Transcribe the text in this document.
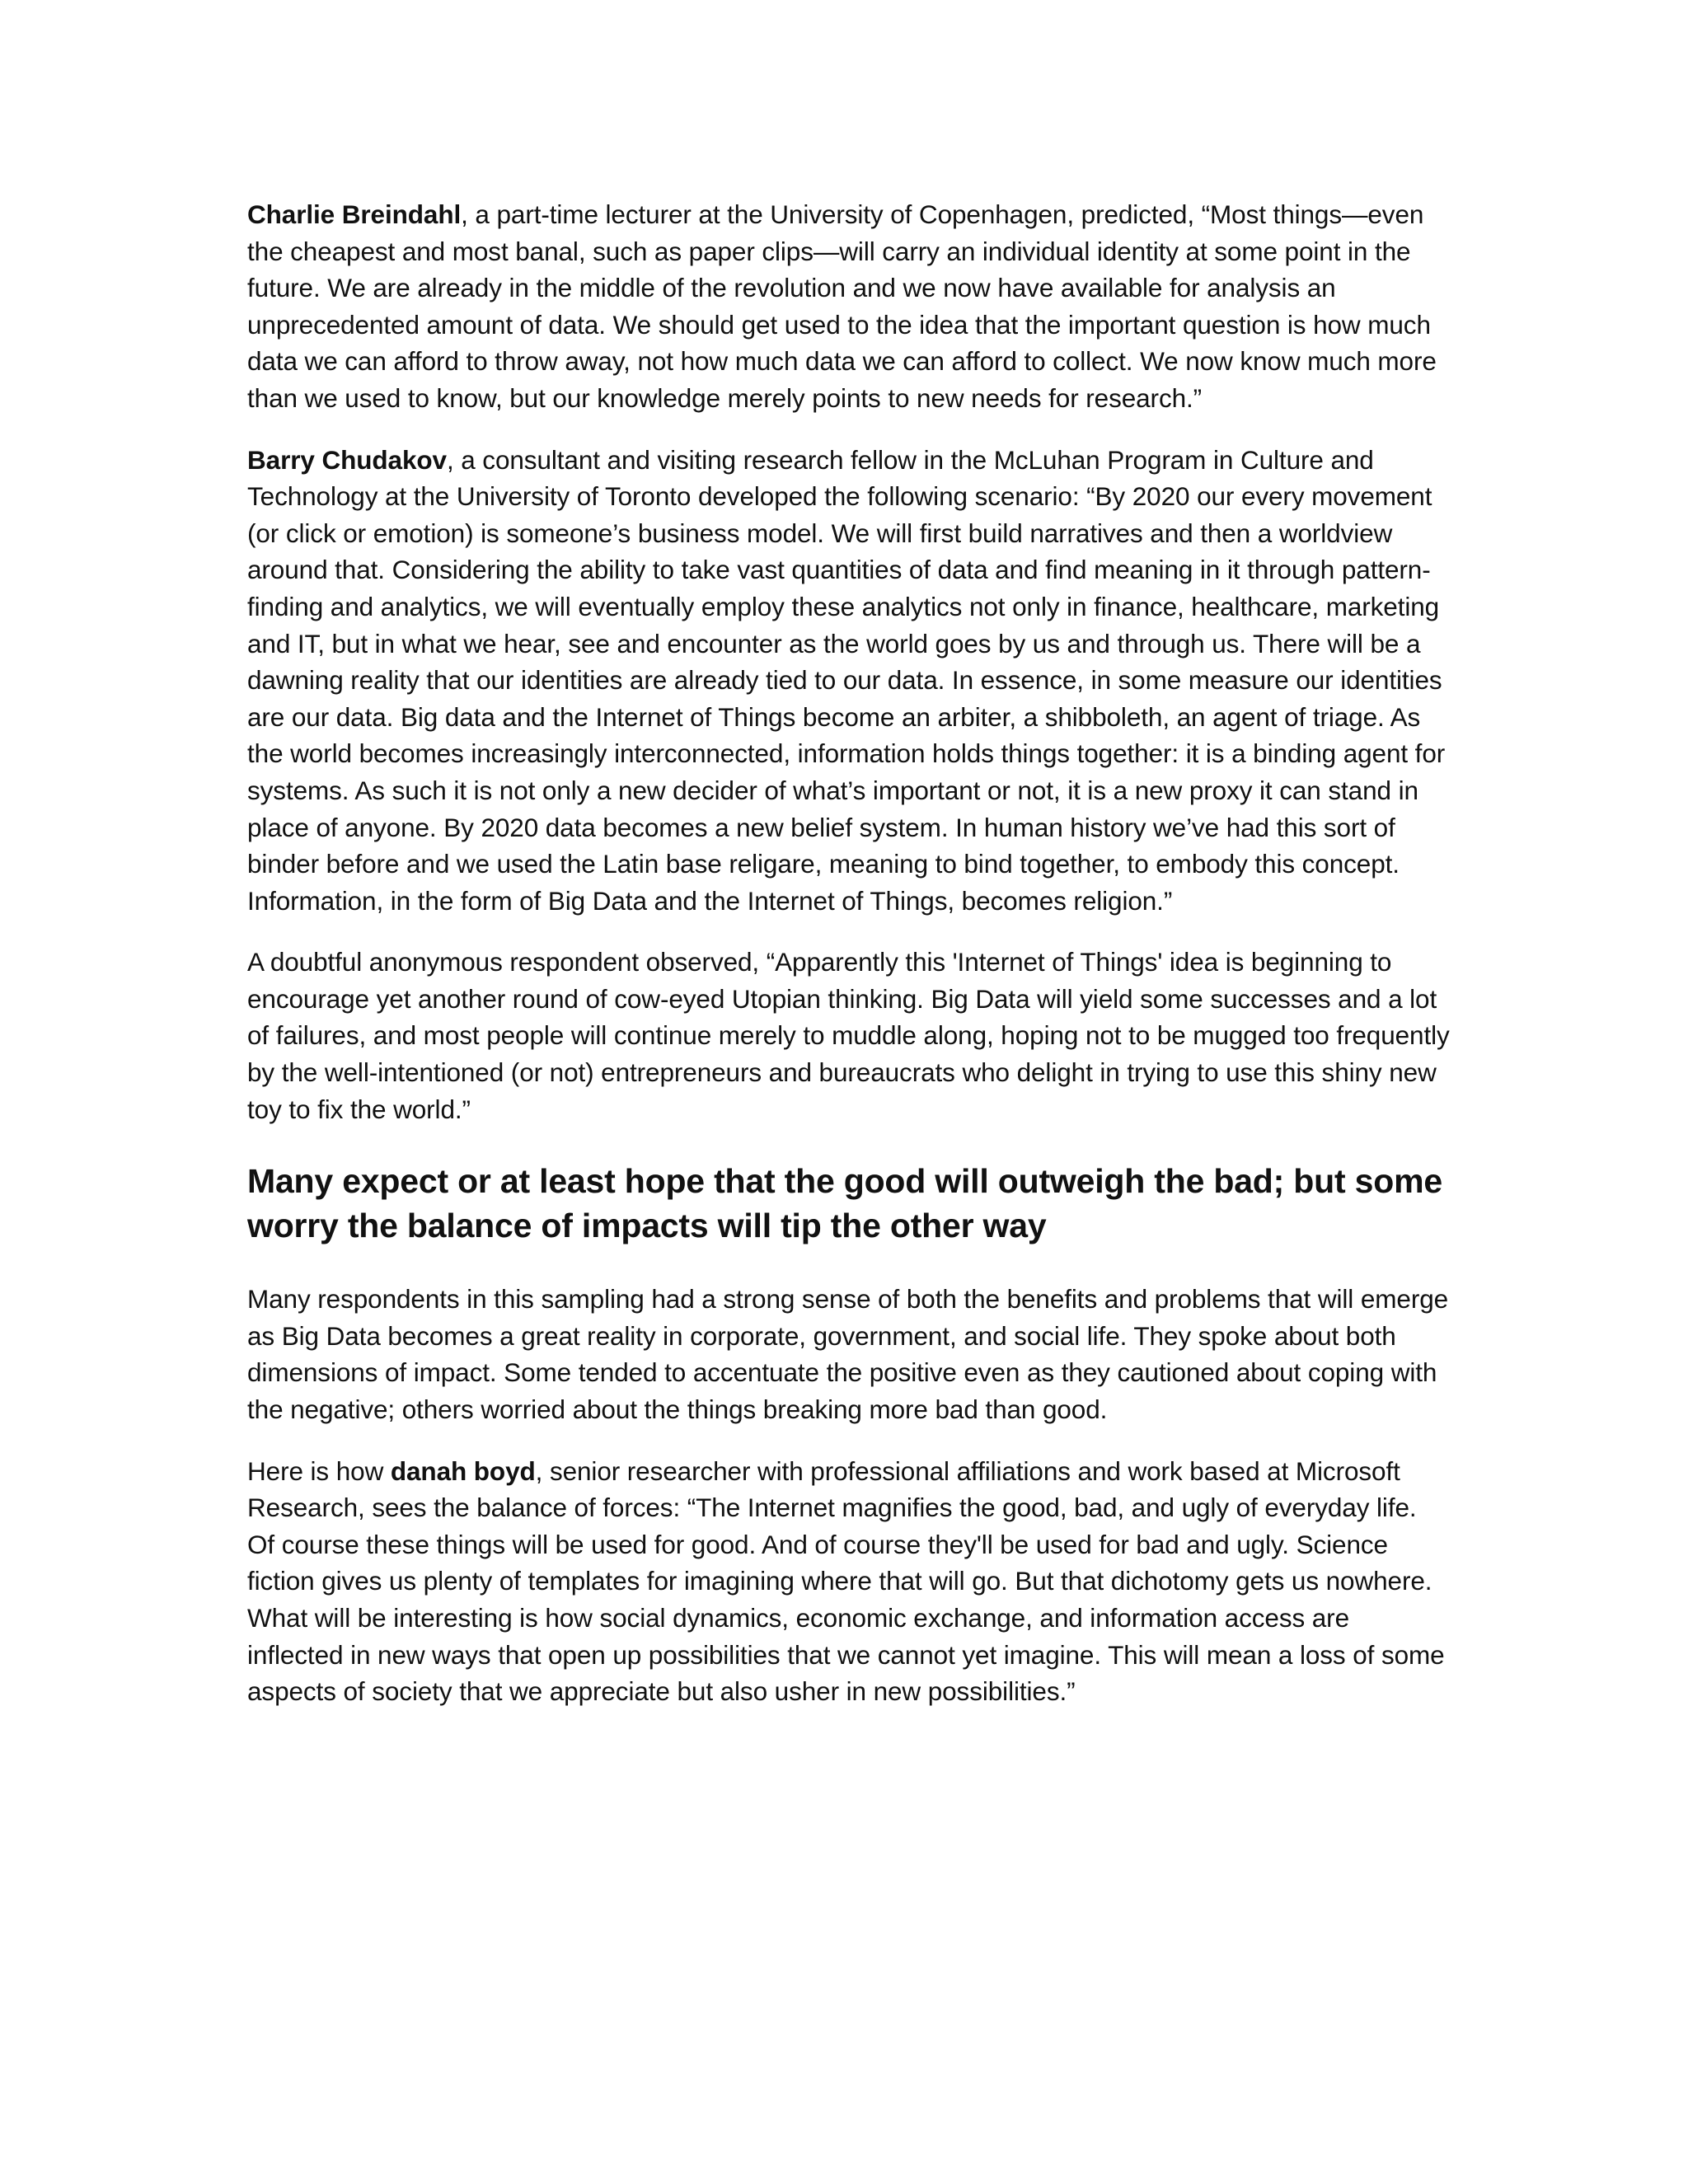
Charlie Breindahl, a part-time lecturer at the University of Copenhagen, predicted, “Most things—even the cheapest and most banal, such as paper clips—will carry an individual identity at some point in the future. We are already in the middle of the revolution and we now have available for analysis an unprecedented amount of data. We should get used to the idea that the important question is how much data we can afford to throw away, not how much data we can afford to collect. We now know much more than we used to know, but our knowledge merely points to new needs for research.”

Barry Chudakov, a consultant and visiting research fellow in the McLuhan Program in Culture and Technology at the University of Toronto developed the following scenario: “By 2020 our every movement (or click or emotion) is someone’s business model. We will first build narratives and then a worldview around that. Considering the ability to take vast quantities of data and find meaning in it through pattern-finding and analytics, we will eventually employ these analytics not only in finance, healthcare, marketing and IT, but in what we hear, see and encounter as the world goes by us and through us. There will be a dawning reality that our identities are already tied to our data. In essence, in some measure our identities are our data. Big data and the Internet of Things become an arbiter, a shibboleth, an agent of triage. As the world becomes increasingly interconnected, information holds things together: it is a binding agent for systems. As such it is not only a new decider of what’s important or not, it is a new proxy it can stand in place of anyone. By 2020 data becomes a new belief system. In human history we’ve had this sort of binder before and we used the Latin base religare, meaning to bind together, to embody this concept. Information, in the form of Big Data and the Internet of Things, becomes religion.”

A doubtful anonymous respondent observed, “Apparently this 'Internet of Things' idea is beginning to encourage yet another round of cow-eyed Utopian thinking. Big Data will yield some successes and a lot of failures, and most people will continue merely to muddle along, hoping not to be mugged too frequently by the well-intentioned (or not) entrepreneurs and bureaucrats who delight in trying to use this shiny new toy to fix the world.”

Many expect or at least hope that the good will outweigh the bad; but some worry the balance of impacts will tip the other way

Many respondents in this sampling had a strong sense of both the benefits and problems that will emerge as Big Data becomes a great reality in corporate, government, and social life. They spoke about both dimensions of impact. Some tended to accentuate the positive even as they cautioned about coping with the negative; others worried about the things breaking more bad than good.

Here is how danah boyd, senior researcher with professional affiliations and work based at Microsoft Research, sees the balance of forces: “The Internet magnifies the good, bad, and ugly of everyday life. Of course these things will be used for good. And of course they'll be used for bad and ugly. Science fiction gives us plenty of templates for imagining where that will go. But that dichotomy gets us nowhere. What will be interesting is how social dynamics, economic exchange, and information access are inflected in new ways that open up possibilities that we cannot yet imagine. This will mean a loss of some aspects of society that we appreciate but also usher in new possibilities.”
